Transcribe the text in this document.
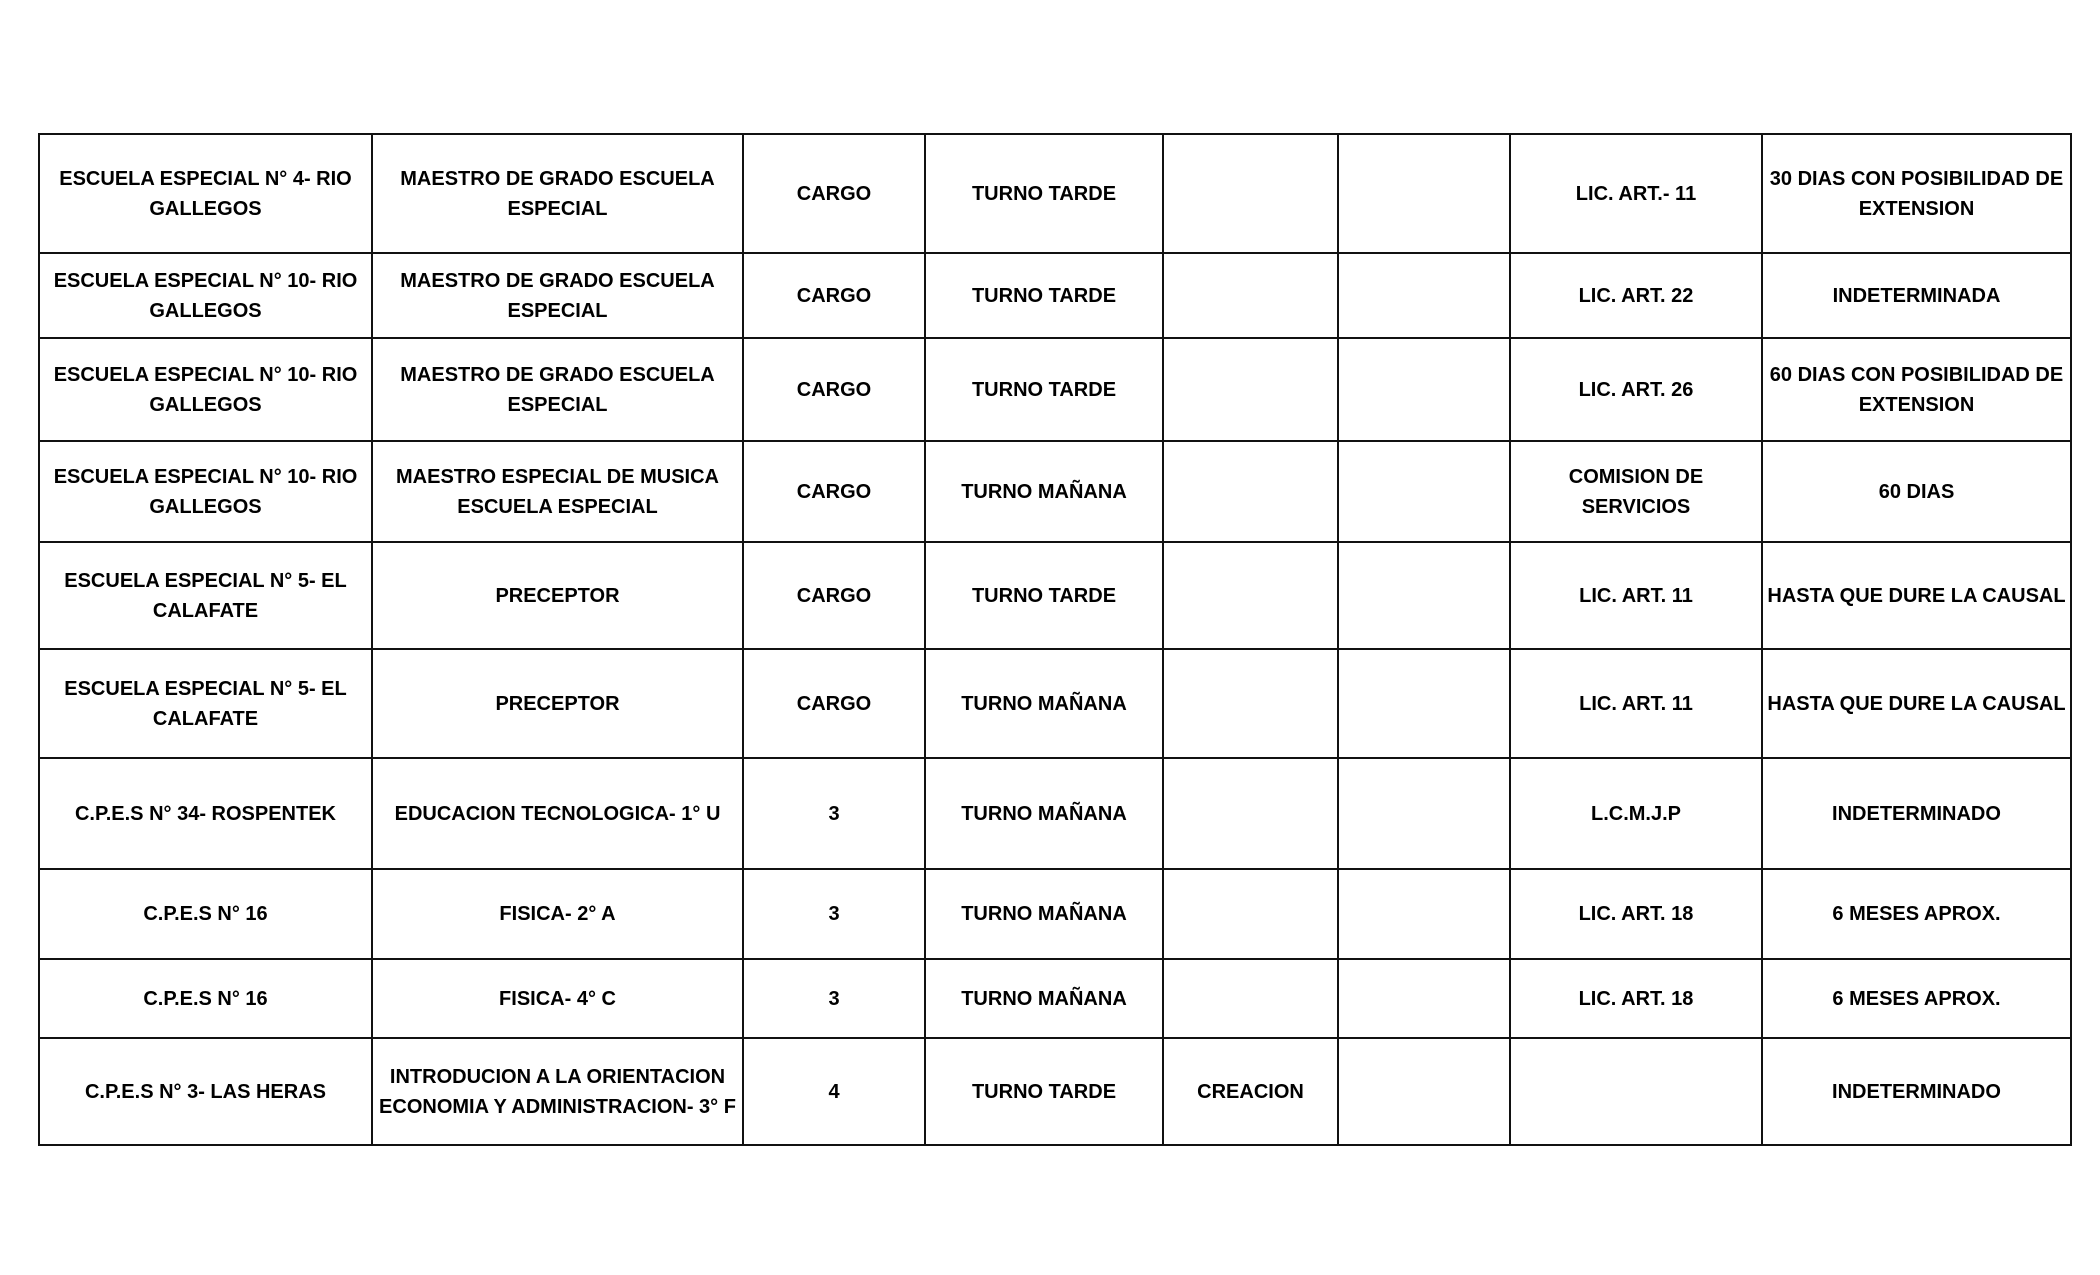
ESCUELA ESPECIAL N° 4- RIO GALLEGOS	MAESTRO DE GRADO ESCUELA ESPECIAL	CARGO	TURNO TARDE			LIC. ART.- 11	30 DIAS CON POSIBILIDAD DE EXTENSION
ESCUELA ESPECIAL N° 10- RIO GALLEGOS	MAESTRO DE GRADO ESCUELA ESPECIAL	CARGO	TURNO TARDE			LIC. ART. 22	INDETERMINADA
ESCUELA ESPECIAL N° 10- RIO GALLEGOS	MAESTRO DE GRADO ESCUELA ESPECIAL	CARGO	TURNO TARDE			LIC. ART. 26	60 DIAS CON POSIBILIDAD DE EXTENSION
ESCUELA ESPECIAL N° 10- RIO GALLEGOS	MAESTRO ESPECIAL DE MUSICA ESCUELA ESPECIAL	CARGO	TURNO MAÑANA			COMISION DE SERVICIOS	60 DIAS
ESCUELA ESPECIAL N° 5- EL CALAFATE	PRECEPTOR	CARGO	TURNO TARDE			LIC. ART. 11	HASTA QUE DURE LA CAUSAL
ESCUELA ESPECIAL N° 5- EL CALAFATE	PRECEPTOR	CARGO	TURNO MAÑANA			LIC. ART. 11	HASTA QUE DURE LA CAUSAL
C.P.E.S N° 34- ROSPENTEK	EDUCACION TECNOLOGICA- 1° U	3	TURNO MAÑANA			L.C.M.J.P	INDETERMINADO
C.P.E.S N° 16	FISICA- 2° A	3	TURNO MAÑANA			LIC. ART. 18	6 MESES APROX.
C.P.E.S N° 16	FISICA- 4° C	3	TURNO MAÑANA			LIC. ART. 18	6 MESES APROX.
C.P.E.S N° 3- LAS HERAS	INTRODUCION A LA ORIENTACION ECONOMIA Y ADMINISTRACION- 3° F	4	TURNO TARDE	CREACION			INDETERMINADO
